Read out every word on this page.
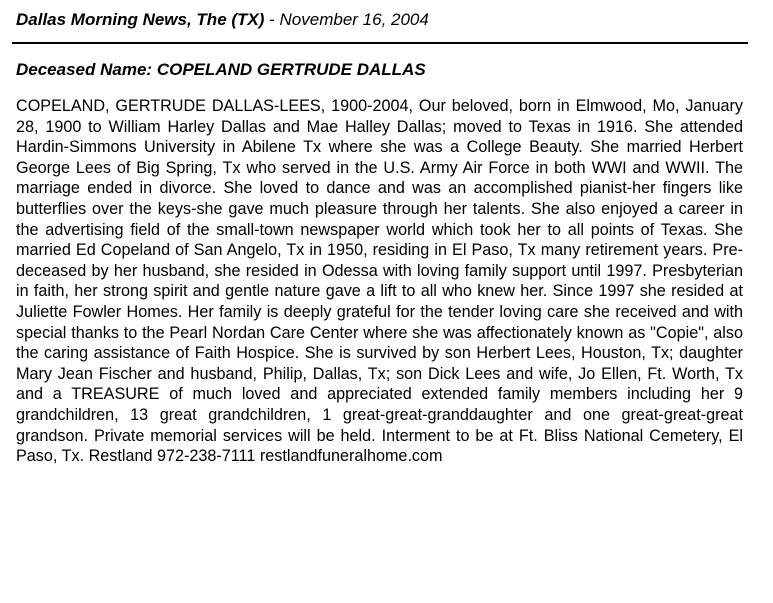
Dallas Morning News, The (TX) - November 16, 2004
Deceased Name: COPELAND GERTRUDE DALLAS

COPELAND, GERTRUDE DALLAS-LEES, 1900-2004, Our beloved, born in Elmwood, Mo, January 28, 1900 to William Harley Dallas and Mae Halley Dallas; moved to Texas in 1916. She attended Hardin-Simmons University in Abilene Tx where she was a College Beauty. She married Herbert George Lees of Big Spring, Tx who served in the U.S. Army Air Force in both WWI and WWII. The marriage ended in divorce. She loved to dance and was an accomplished pianist-her fingers like butterflies over the keys-she gave much pleasure through her talents. She also enjoyed a career in the advertising field of the small-town newspaper world which took her to all points of Texas. She married Ed Copeland of San Angelo, Tx in 1950, residing in El Paso, Tx many retirement years. Pre-deceased by her husband, she resided in Odessa with loving family support until 1997. Presbyterian in faith, her strong spirit and gentle nature gave a lift to all who knew her. Since 1997 she resided at Juliette Fowler Homes. Her family is deeply grateful for the tender loving care she received and with special thanks to the Pearl Nordan Care Center where she was affectionately known as "Copie", also the caring assistance of Faith Hospice. She is survived by son Herbert Lees, Houston, Tx; daughter Mary Jean Fischer and husband, Philip, Dallas, Tx; son Dick Lees and wife, Jo Ellen, Ft. Worth, Tx and a TREASURE of much loved and appreciated extended family members including her 9 grandchildren, 13 great grandchildren, 1 great-great-granddaughter and one great-great-great grandson. Private memorial services will be held. Interment to be at Ft. Bliss National Cemetery, El Paso, Tx. Restland 972-238-7111 restlandfuneralhome.com
